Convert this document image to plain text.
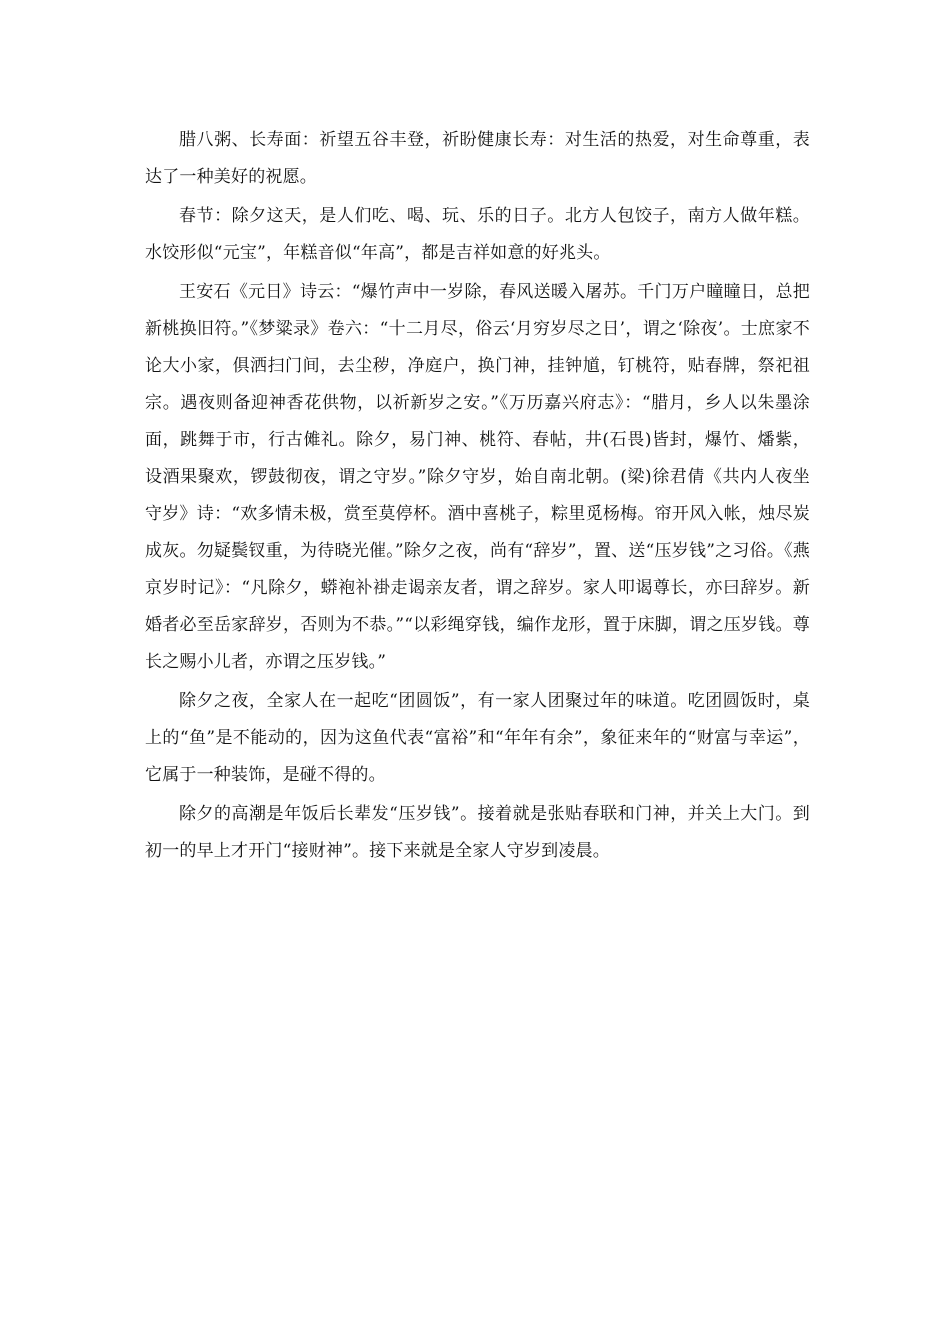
腊八粥、长寿面：祈望五谷丰登，祈盼健康长寿：对生活的热爱，对生命尊重，表达了一种美好的祝愿。

春节：除夕这天，是人们吃、喝、玩、乐的日子。北方人包饺子，南方人做年糕。水饺形似“元宝”，年糕音似“年高”，都是吉祥如意的好兆头。

王安石《元日》诗云：“爆竹声中一岁除，春风送暖入屠苏。千门万户瞳瞳日，总把新桃换旧符。”《梦粱录》卷六：“十二月尽，俗云‘月穷岁尽之日’，谓之‘除夜’。士庶家不论大小家，俱洒扫门间，去尘秽，净庭户，换门神，挂钟馗，钉桃符，贴春牌，祭祀祖宗。遇夜则备迎神香花供物，以祈新岁之安。”《万历嘉兴府志》：“腊月，乡人以朱墨涂面，跳舞于市，行古傩礼。除夕，易门神、桃符、春帖，井(石畏)皆封，爆竹、燔紫，设酒果聚欢，锣鼓彻夜，谓之守岁。”除夕守岁，始自南北朝。(梁)徐君倩《共内人夜坐守岁》诗：“欢多情未极，赏至莫停杯。酒中喜桃子，粽里觅杨梅。帘开风入帐，烛尽炭成灰。勿疑鬓钗重，为待晓光催。”除夕之夜，尚有“辞岁”，置、送“压岁钱”之习俗。《燕京岁时记》：“凡除夕，蟒袍补褂走谒亲友者，谓之辞岁。家人叩谒尊长，亦曰辞岁。新婚者必至岳家辞岁，否则为不恭。”“以彩绳穿钱，编作龙形，置于床脚，谓之压岁钱。尊长之赐小儿者，亦谓之压岁钱。”

除夕之夜，全家人在一起吃“团圆饭”，有一家人团聚过年的味道。吃团圆饭时，桌上的“鱼”是不能动的，因为这鱼代表“富裕”和“年年有余”，象征来年的“财富与幸运”，它属于一种装饰，是碰不得的。

除夕的高潮是年饭后长辈发“压岁钱”。接着就是张贴春联和门神，并关上大门。到初一的早上才开门“接财神”。接下来就是全家人守岁到凌晨。
